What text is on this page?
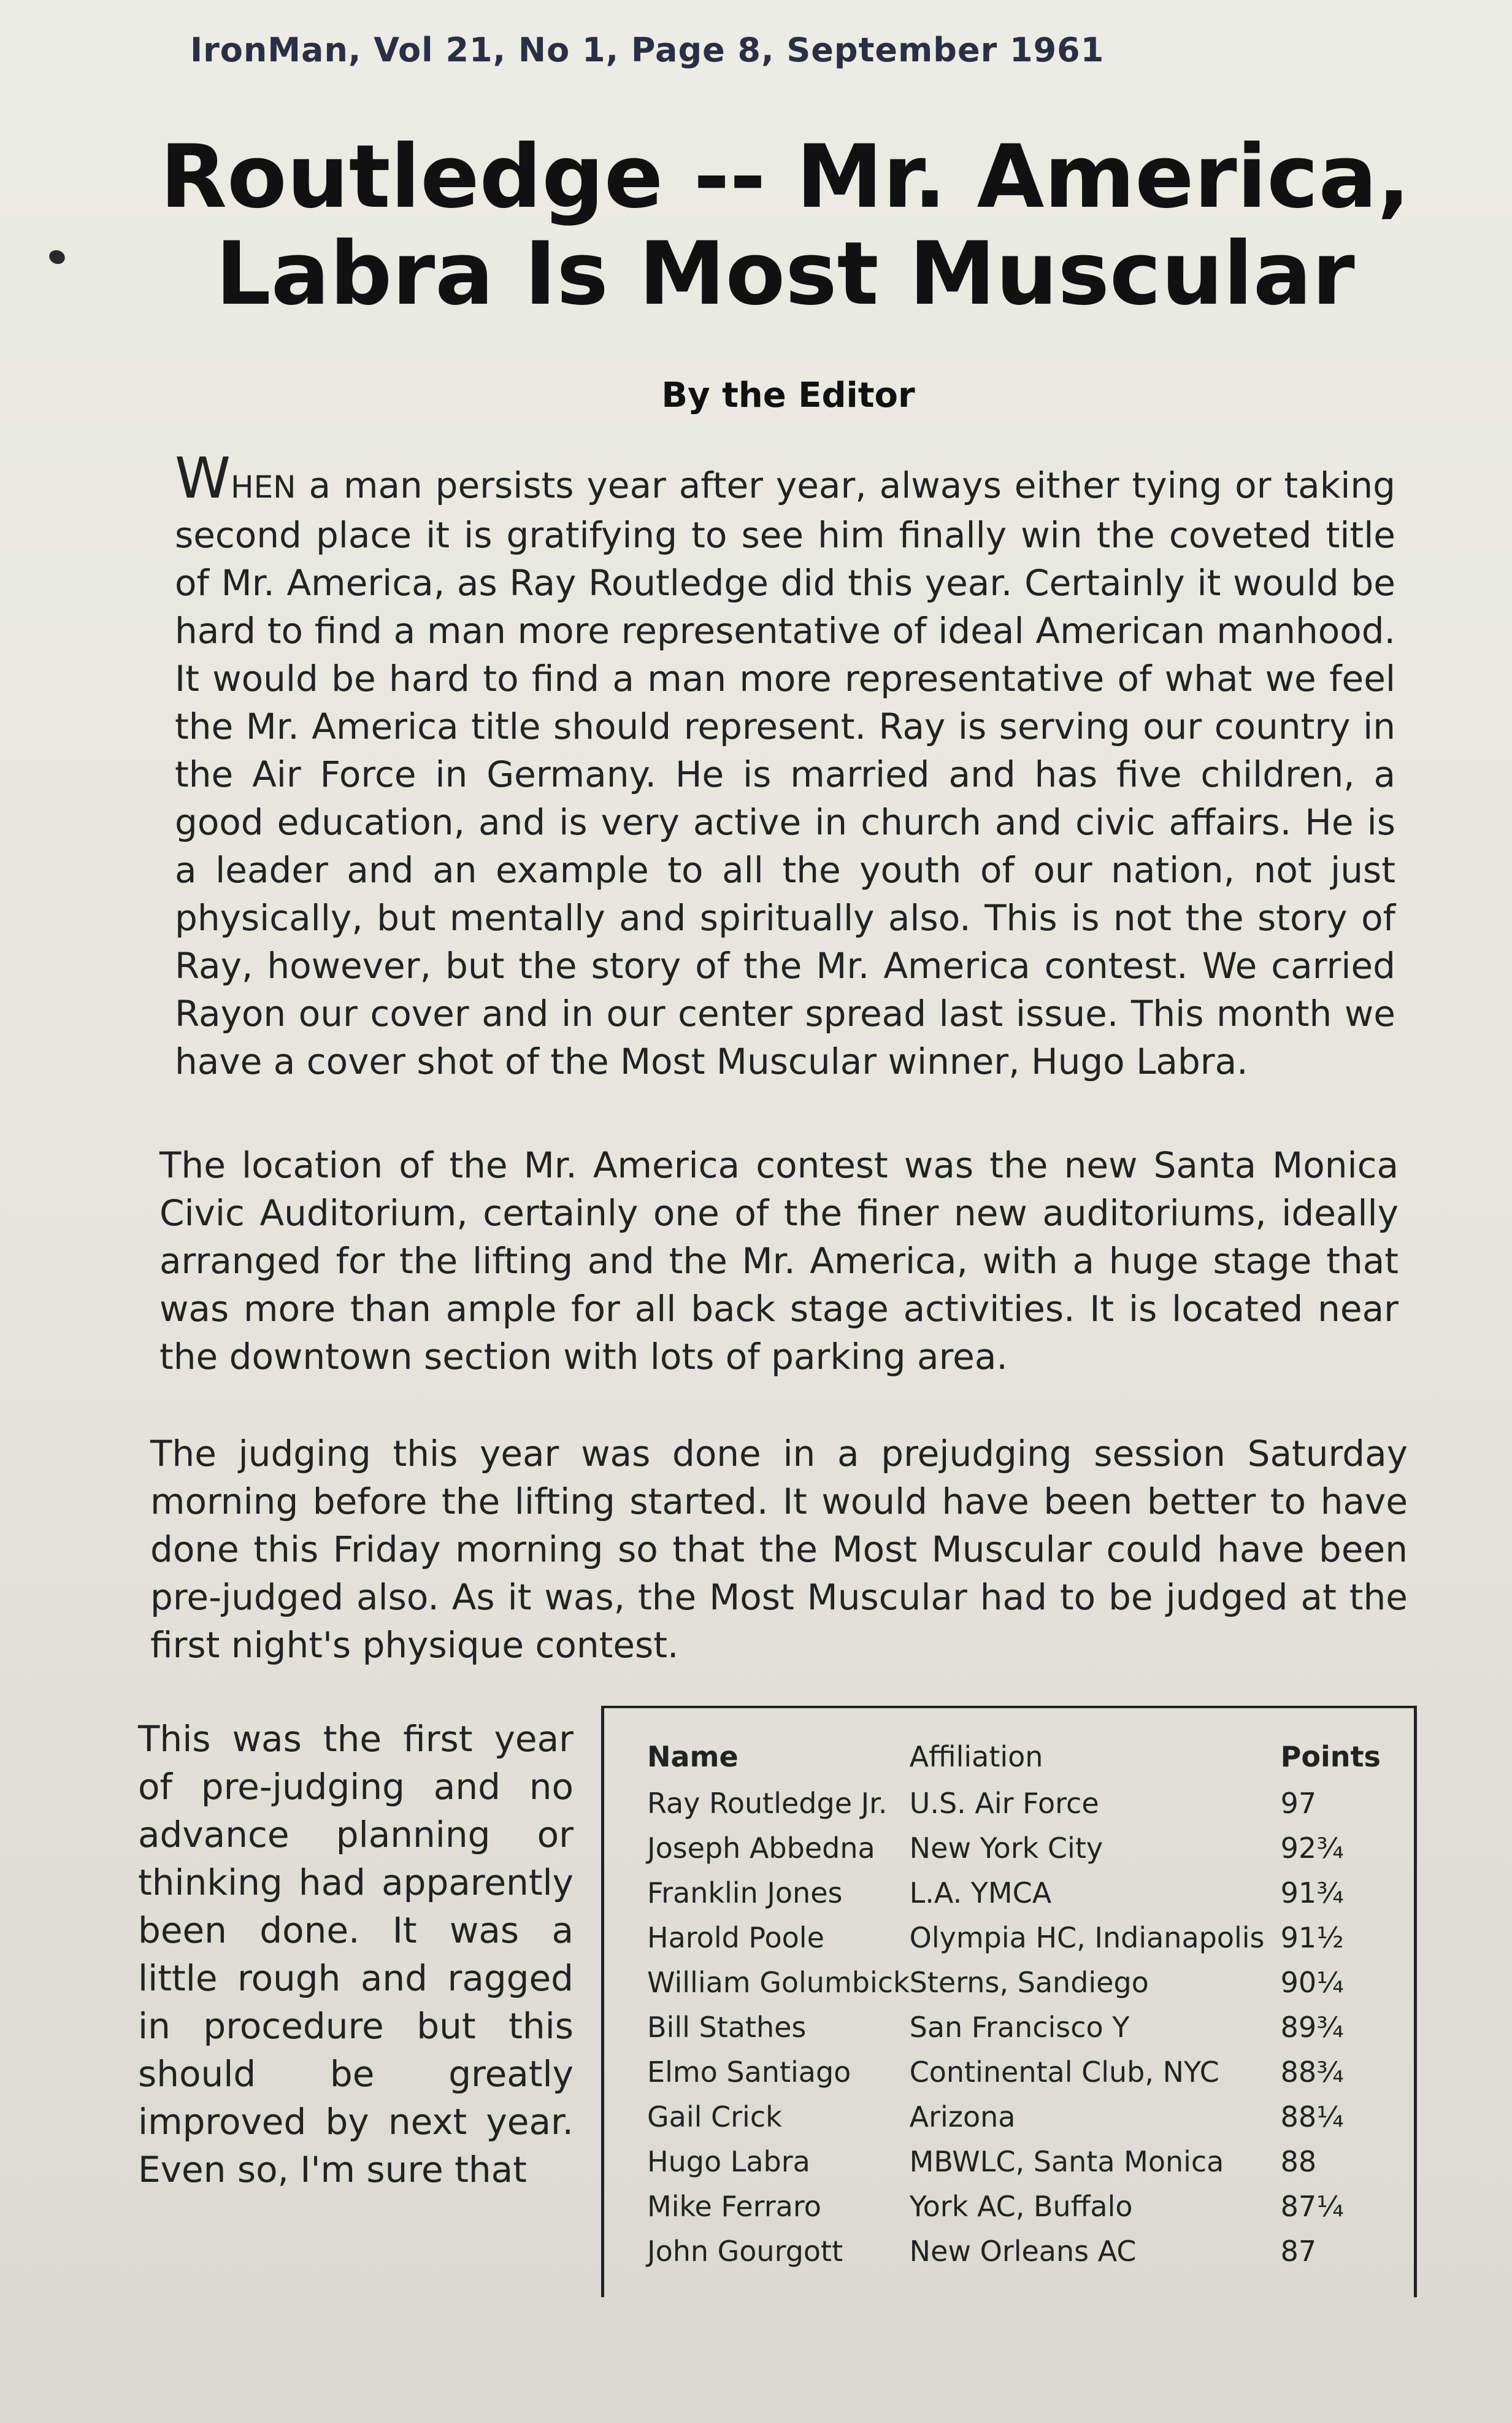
IronMan, Vol 21, No 1, Page 8, September 1961
Routledge -- Mr. America,
Labra Is Most Muscular
By the Editor
WHEN a man persists year after year, always either tying or taking second place it is gratifying to see him finally win the coveted title of Mr. America, as Ray Routledge did this year. Certainly it would be hard to find a man more representative of ideal American manhood. It would be hard to find a man more representative of what we feel the Mr. America title should represent. Ray is serving our country in the Air Force in Germany. He is married and has five children, a good education, and is very active in church and civic affairs. He is a leader and an example to all the youth of our nation, not just physically, but mentally and spiritually also. This is not the story of Ray, however, but the story of the Mr. America contest. We carried Rayon our cover and in our center spread last issue. This month we have a cover shot of the Most Muscular winner, Hugo Labra.
The location of the Mr. America contest was the new Santa Monica Civic Auditorium, certainly one of the finer new auditoriums, ideally arranged for the lifting and the Mr. America, with a huge stage that was more than ample for all back stage activities. It is located near the downtown section with lots of parking area.
The judging this year was done in a prejudging session Saturday morning before the lifting started. It would have been better to have done this Friday morning so that the Most Muscular could have been pre-judged also. As it was, the Most Muscular had to be judged at the first night's physique contest.
This was the first year of pre-judging and no advance planning or thinking had apparently been done. It was a little rough and ragged in procedure but this should be greatly improved by next year. Even so, I'm sure that
Name	Affiliation	Points
Ray Routledge Jr.	U.S. Air Force	97
Joseph Abbedna	New York City	92¾
Franklin Jones	L.A. YMCA	91¾
Harold Poole	Olympia HC, Indianapolis	91½
William Golumbick	Sterns, Sandiego	90¼
Bill Stathes	San Francisco Y	89¾
Elmo Santiago	Continental Club, NYC	88¾
Gail Crick	Arizona	88¼
Hugo Labra	MBWLC, Santa Monica	88
Mike Ferraro	York AC, Buffalo	87¼
John Gourgott	New Orleans AC	87
